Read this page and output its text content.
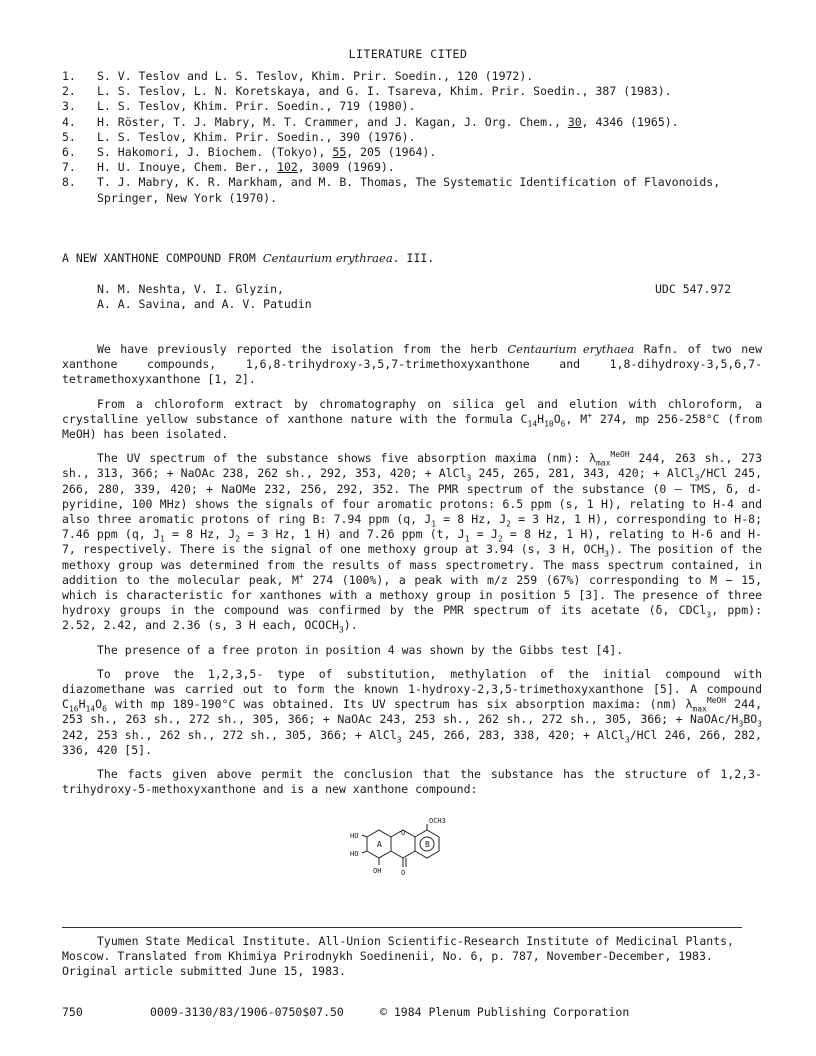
LITERATURE CITED
1.	S. V. Teslov and L. S. Teslov, Khim. Prir. Soedin., 120 (1972).
2.	L. S. Teslov, L. N. Koretskaya, and G. I. Tsareva, Khim. Prir. Soedin., 387 (1983).
3.	L. S. Teslov, Khim. Prir. Soedin., 719 (1980).
4.	H. Röster, T. J. Mabry, M. T. Crammer, and J. Kagan, J. Org. Chem., 30, 4346 (1965).
5.	L. S. Teslov, Khim. Prir. Soedin., 390 (1976).
6.	S. Hakomori, J. Biochem. (Tokyo), 55, 205 (1964).
7.	H. U. Inouye, Chem. Ber., 102, 3009 (1969).
8.	T. J. Mabry, K. R. Markham, and M. B. Thomas, The Systematic Identification of Flavonoids, Springer, New York (1970).
A NEW XANTHONE COMPOUND FROM Centaurium erythraea. III.
N. M. Neshta, V. I. Glyzin,
A. A. Savina, and A. V. Patudin
UDC 547.972

We have previously reported the isolation from the herb Centaurium erythaea Rafn. of two new xanthone compounds, 1,6,8-trihydroxy-3,5,7-trimethoxyxanthone and 1,8-dihydroxy-3,5,6,7-tetramethoxyxanthone [1, 2].

From a chloroform extract by chromatography on silica gel and elution with chloroform, a crystalline yellow substance of xanthone nature with the formula $C_{14}H_{10}O_6$, M+ 274, mp 256-258°C (from MeOH) has been isolated.

The UV spectrum of the substance shows five absorption maxima (nm): $\lambda_{max}^{MeOH}$ 244, 263 sh., 273 sh., 313, 366; + NaOAc 238, 262 sh., 292, 353, 420; + AlCl$_3$ 245, 265, 281, 343, 420; + AlCl$_3$/HCl 245, 266, 280, 339, 420; + NaOMe 232, 256, 292, 352. The PMR spectrum of the substance (0 — TMS, δ, d-pyridine, 100 MHz) shows the signals of four aromatic protons: 6.5 ppm (s, 1 H), relating to H-4 and also three aromatic protons of ring B: 7.94 ppm (q, $J_1 = 8$ Hz, $J_2 = 3$ Hz, 1 H), corresponding to H-8; 7.46 ppm (q, $J_1 = 8$ Hz, $J_2 = 3$ Hz, 1 H) and 7.26 ppm (t, $J_1 = J_2 = 8$ Hz, 1 H), relating to H-6 and H-7, respectively. There is the signal of one methoxy group at 3.94 (s, 3 H, $OCH_3$). The position of the methoxy group was determined from the results of mass spectrometry. The mass spectrum contained, in addition to the molecular peak, M+ 274 (100%), a peak with m/z 259 (67%) corresponding to M − 15, which is characteristic for xanthones with a methoxy group in position 5 [3]. The presence of three hydroxy groups in the compound was confirmed by the PMR spectrum of its acetate (δ, CDCl$_3$, ppm): 2.52, 2.42, and 2.36 (s, 3 H each, $OCOCH_3$).

The presence of a free proton in position 4 was shown by the Gibbs test [4].

To prove the 1,2,3,5- type of substitution, methylation of the initial compound with diazomethane was carried out to form the known 1-hydroxy-2,3,5-trimethoxyxanthone [5]. A compound $C_{16}H_{14}O_6$ with mp 189-190°C was obtained. Its UV spectrum has six absorption maxima: (nm) $\lambda_{max}^{MeOH}$ 244, 253 sh., 263 sh., 272 sh., 305, 366; + NaOAc 243, 253 sh., 262 sh., 272 sh., 305, 366; + NaOAc/$H_3BO_3$ 242, 253 sh., 262 sh., 272 sh., 305, 366; + AlCl$_3$ 245, 266, 283, 338, 420; + AlCl$_3$/HCl 246, 266, 282, 336, 420 [5].

The facts given above permit the conclusion that the substance has the structure of 1,2,3-trihydroxy-5-methoxyxanthone and is a new xanthone compound:

OCH3
HO
HO
A	B
O
OH	O
Tyumen State Medical Institute. All-Union Scientific-Research Institute of Medicinal Plants, Moscow. Translated from Khimiya Prirodnykh Soedinenii, No. 6, p. 787, November-December, 1983. Original article submitted June 15, 1983.
750	0009-3130/83/1906-0750$07.50	© 1984 Plenum Publishing Corporation
